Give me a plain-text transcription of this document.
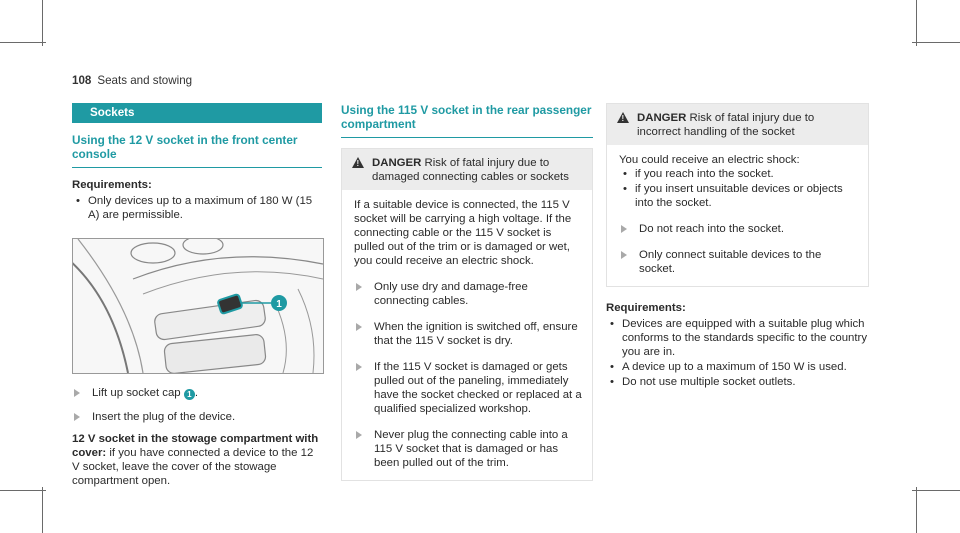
108 Seats and stowing
Sockets
Using the 12 V socket in the front center console
Requirements:
• Only devices up to a maximum of 180 W (15 A) are permissible.
1
Lift up socket cap 1 .
Insert the plug of the device.
12 V socket in the stowage compartment with cover: if you have connected a device to the 12 V socket, leave the cover of the stowage compartment open.
Using the 115 V socket in the rear passenger compartment
!
DANGER Risk of fatal injury due to damaged connecting cables or sockets
If a suitable device is connected, the 115 V socket will be carrying a high voltage. If the connecting cable or the 115 V socket is pulled out of the trim or is damaged or wet, you could receive an electric shock.
Only use dry and damage-free connecting cables.
When the ignition is switched off, ensure that the 115 V socket is dry.
If the 115 V socket is damaged or gets pulled out of the paneling, immediately have the socket checked or replaced at a qualified specialized workshop.
Never plug the connecting cable into a 115 V socket that is damaged or has been pulled out of the trim.
!
DANGER Risk of fatal injury due to incorrect handling of the socket
You could receive an electric shock:
• if you reach into the socket.
• if you insert unsuitable devices or objects into the socket.
Do not reach into the socket.
Only connect suitable devices to the socket.
Requirements:
• Devices are equipped with a suitable plug which conforms to the standards specific to the country you are in.
• A device up to a maximum of 150 W is used.
• Do not use multiple socket outlets.
